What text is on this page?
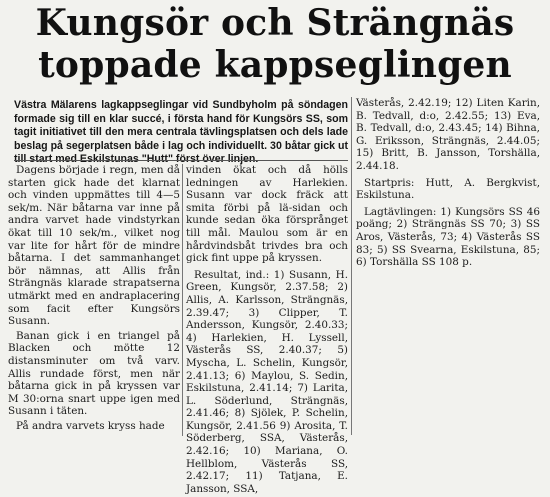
Kungsör och Strängnäs
toppade kappseglingen
Västra Mälarens lagkappseglingar vid Sundbyholm på söndagen formade sig till en klar succé, i första hand för Kungsörs SS, som tagit initiativet till den mera centrala tävlingsplatsen och dels lade beslag på segerplatsen både i lag och individuellt. 30 båtar gick ut till start med Eskilstunas "Hutt" först över linjen.

Dagens började i regn, men då starten gick hade det klarnat och vinden uppmättes till 4—5 sek/m. När båtarna var inne på andra varvet hade vindstyrkan ökat till 10 sek/m., vilket nog var lite for hårt för de mindre båtarna. I det sammanhanget bör nämnas, att Allis från Strängnäs klarade strapatserna utmärkt med en andraplacering som facit efter Kungsörs Susann.

Banan gick i en triangel på Blacken och mötte 12 distansminuter om två varv. Allis rundade först, men när båtarna gick in på kryssen var M 30:orna snart uppe igen med Susann i täten.

På andra varvets kryss hade

vinden ökat och då hölls ledningen av Harlekien. Susann var dock fräck att smita förbi på lä-sidan och kunde sedan öka försprånget till mål. Maulou som är en hårdvindsbåt trivdes bra och gick fint uppe på kryssen.

Resultat, ind.: 1) Susann, H. Green, Kungsör, 2.37.58; 2) Allis, A. Karlsson, Strängnäs, 2.39.47; 3) Clipper, T. Andersson, Kungsör, 2.40.33; 4) Harlekien, H. Lyssell, Västerås SS, 2.40.37; 5) Myscha, L. Schelin, Kungsör, 2.41.13; 6) Maylou, S. Sedin, Eskilstuna, 2.41.14; 7) Larita, L. Söderlund, Strängnäs, 2.41.46; 8) Sjölek, P. Schelin, Kungsör, 2.41.56 9) Arosita, T. Söderberg, SSA, Västerås, 2.42.16; 10) Mariana, O. Hellblom, Västerås SS, 2.42.17; 11) Tatjana, E. Jansson, SSA,

Västerås, 2.42.19; 12) Liten Karin, B. Tedvall, d:o, 2.42.55; 13) Eva, B. Tedvall, d:o, 2.43.45; 14) Bihna, G. Eriksson, Strängnäs, 2.44.05; 15) Britt, B. Jansson, Torshälla, 2.44.18.

Startpris: Hutt, A. Bergkvist, Eskilstuna.

Lagtävlingen: 1) Kungsörs SS 46 poäng; 2) Strängnäs SS 70; 3) SS Aros, Västerås, 73; 4) Västerås SS 83; 5) SS Svearna, Eskilstuna, 85; 6) Torshälla SS 108 p.
